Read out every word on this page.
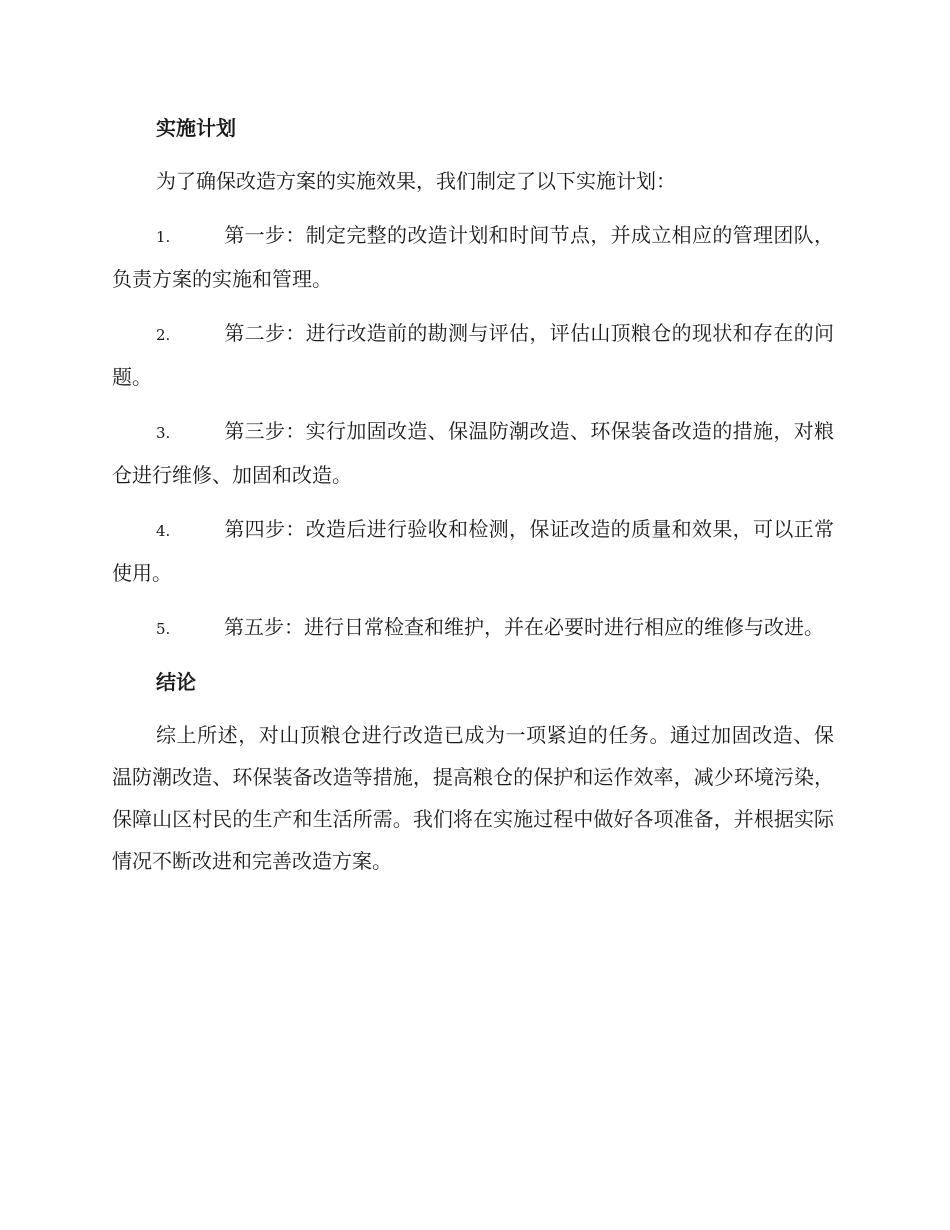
实施计划

为了确保改造方案的实施效果，我们制定了以下实施计划：

1.	第一步：制定完整的改造计划和时间节点，并成立相应的管理团队，负责方案的实施和管理。

2.	第二步：进行改造前的勘测与评估，评估山顶粮仓的现状和存在的问题。

3.	第三步：实行加固改造、保温防潮改造、环保装备改造的措施，对粮仓进行维修、加固和改造。

4.	第四步：改造后进行验收和检测，保证改造的质量和效果，可以正常使用。

5.	第五步：进行日常检查和维护，并在必要时进行相应的维修与改进。

结论

综上所述，对山顶粮仓进行改造已成为一项紧迫的任务。通过加固改造、保温防潮改造、环保装备改造等措施，提高粮仓的保护和运作效率，减少环境污染，保障山区村民的生产和生活所需。我们将在实施过程中做好各项准备，并根据实际情况不断改进和完善改造方案。
